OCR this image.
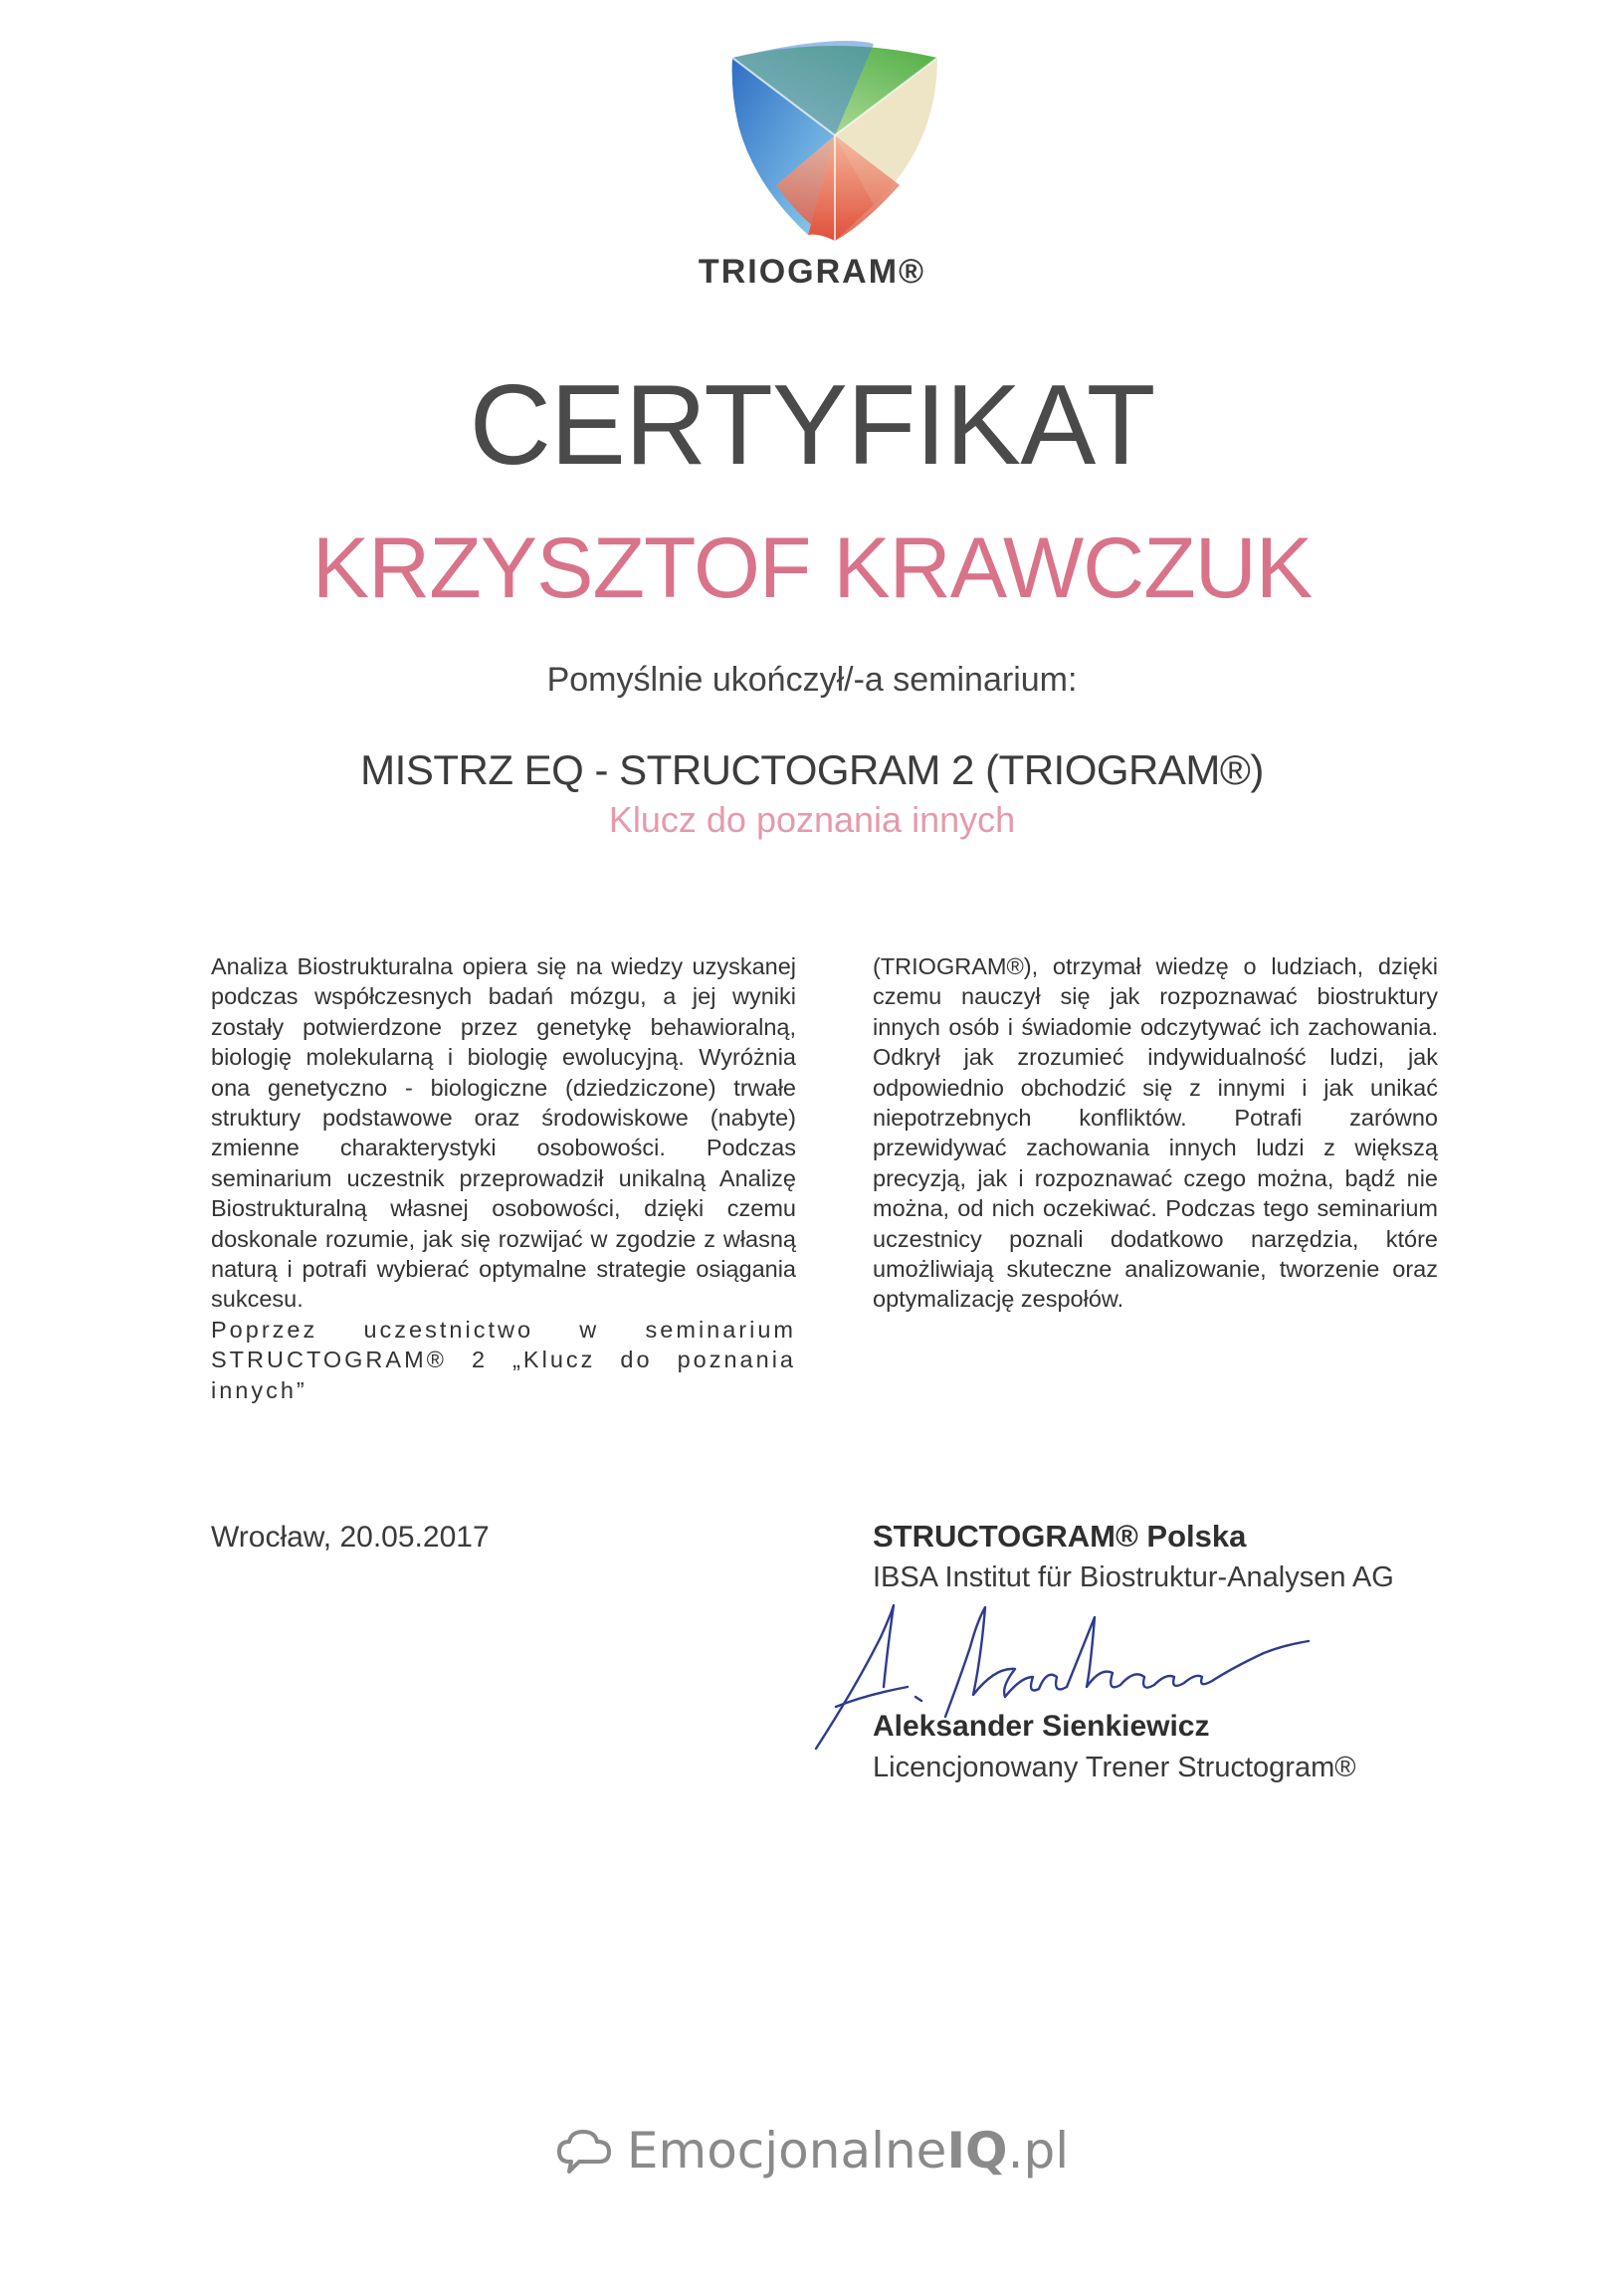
TRIOGRAM®
CERTYFIKAT
KRZYSZTOF KRAWCZUK
Pomyślnie ukończył/-a seminarium:
MISTRZ EQ - STRUCTOGRAM 2 (TRIOGRAM®)
Klucz do poznania innych

Analiza Biostrukturalna opiera się na wiedzy uzyskanej podczas współczesnych badań mózgu, a jej wyniki zostały potwierdzone przez genetykę behawioralną, biologię molekularną i biologię ewolucyjną. Wyróżnia ona genetyczno - biologiczne (dziedziczone) trwałe struktury podstawowe oraz środowiskowe (nabyte) zmienne charakterystyki osobowości. Podczas seminarium uczestnik przeprowadził unikalną Analizę Biostrukturalną własnej osobowości, dzięki czemu doskonale rozumie, jak się rozwijać w zgodzie z własną naturą i potrafi wybierać optymalne strategie osiągania sukcesu.

Poprzez uczestnictwo w seminarium STRUCTOGRAM® 2 „Klucz do poznania innych”

(TRIOGRAM®), otrzymał wiedzę o ludziach, dzięki czemu nauczył się jak rozpoznawać biostruktury innych osób i świadomie odczytywać ich zachowania. Odkrył jak zrozumieć indywidualność ludzi, jak odpowiednio obchodzić się z innymi i jak unikać niepotrzebnych konfliktów. Potrafi zarówno przewidywać zachowania innych ludzi z większą precyzją, jak i rozpoznawać czego można, bądź nie można, od nich oczekiwać. Podczas tego seminarium uczestnicy poznali dodatkowo narzędzia, które umożliwiają skuteczne analizowanie, tworzenie oraz optymalizację zespołów.

Wrocław, 20.05.2017	STRUCTOGRAM® Polska
IBSA Institut für Biostruktur-Analysen AG
Aleksander Sienkiewicz
Licencjonowany Trener Structogram®
EmocjonalneIQ.pl
